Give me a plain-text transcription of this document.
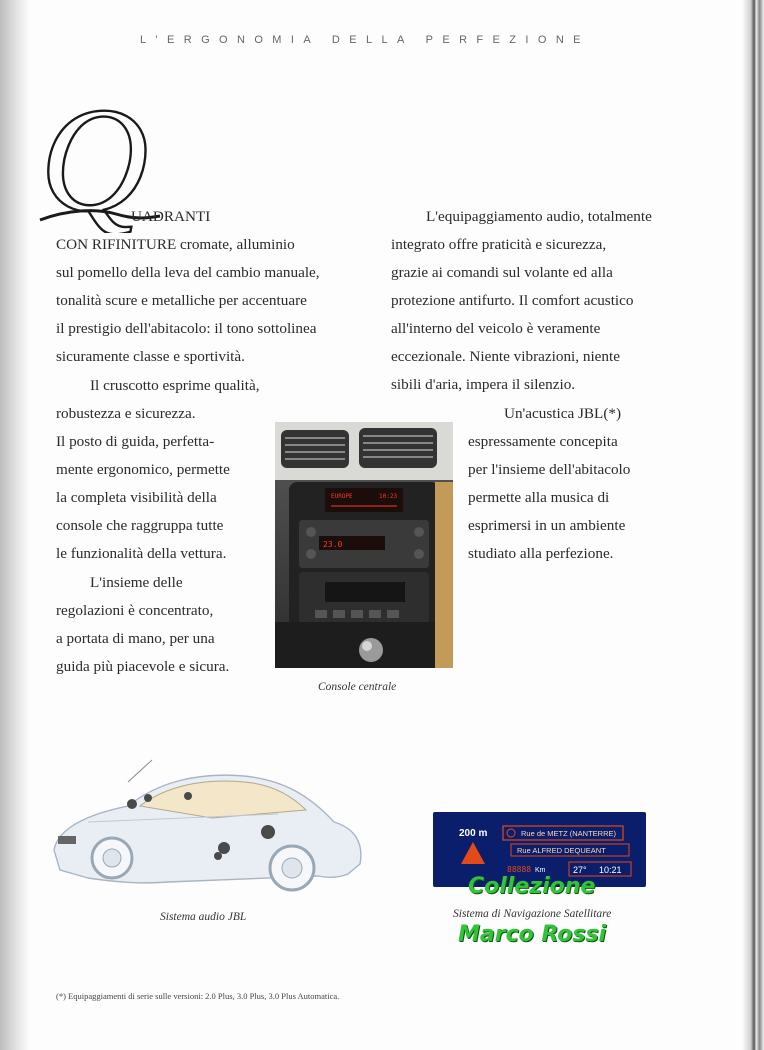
L'ERGONOMIA DELLA PERFEZIONE
Q

UADRANTI

CON RIFINITURE cromate, alluminio

sul pomello della leva del cambio manuale,

tonalità scure e metalliche per accentuare

il prestigio dell'abitacolo: il tono sottolinea

sicuramente classe e sportività.

Il cruscotto esprime qualità,

robustezza e sicurezza.

Il posto di guida, perfetta-

mente ergonomico, permette

la completa visibilità della

console che raggruppa tutte

le funzionalità della vettura.

L'insieme delle

regolazioni è concentrato,

a portata di mano, per una

guida più piacevole e sicura.

L'equipaggiamento audio, totalmente

integrato offre praticità e sicurezza,

grazie ai comandi sul volante ed alla

protezione antifurto. Il comfort acustico

all'interno del veicolo è veramente

eccezionale. Niente vibrazioni, niente

sibili d'aria, impera il silenzio.

Un'acustica JBL(*)

espressamente concepita

per l'insieme dell'abitacolo

permette alla musica di

esprimersi in un ambiente

studiato alla perfezione.

EUROPE	10:23
23.0
Console centrale
Sistema audio JBL
200 m	Rue de METZ (NANTERRE)
Rue ALFRED DEQUEANT
88888 Km	27° 10:21
Sistema di Navigazione Satellitare
Collezione
Marco Rossi
(*) Equipaggiamenti di serie sulle versioni: 2.0 Plus, 3.0 Plus, 3.0 Plus Automatica.
